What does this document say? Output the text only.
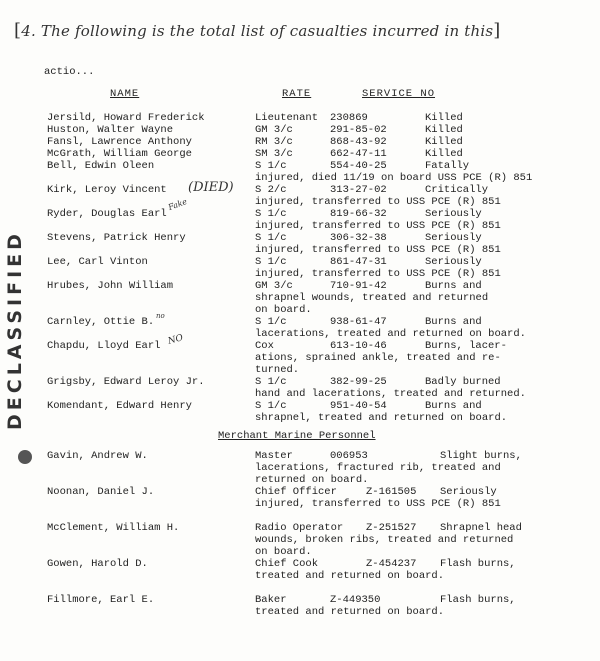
[4. The following is the total list of casualties incurred in this]
actio...
NAME	RATE	SERVICE NO
Jersild, Howard Frederick	Lieutenant 230869	Killed
Huston, Walter Wayne	GM 3/c	291-85-02	Killed
Fansl, Lawrence Anthony	RM 3/c	868-43-92	Killed
McGrath, William George	SM 3/c	662-47-11	Killed
Bell, Edwin Oleen	S 1/c	554-40-25	Fatally
injured, died 11/19 on board USS PCE (R) 851
Kirk, Leroy Vincent	S 2/c	313-27-02	Critically
injured, transferred to USS PCE (R) 851
Ryder, Douglas Earl	S 1/c	819-66-32	Seriously
injured, transferred to USS PCE (R) 851
Stevens, Patrick Henry	S 1/c	306-32-38	Seriously
injured, transferred to USS PCE (R) 851
Lee, Carl Vinton	S 1/c	861-47-31	Seriously
injured, transferred to USS PCE (R) 851
Hrubes, John William	GM 3/c	710-91-42	Burns and
shrapnel wounds, treated and returned
on board.
Carnley, Ottie B.	S 1/c	938-61-47	Burns and
lacerations, treated and returned on board.
Chapdu, Lloyd Earl	Cox	613-10-46	Burns, lacer-
ations, sprained ankle, treated and re-
turned.
Grigsby, Edward Leroy Jr.	S 1/c	382-99-25	Badly burned
hand and lacerations, treated and returned.
Komendant, Edward Henry	S 1/c	951-40-54	Burns and
shrapnel, treated and returned on board.
Merchant Marine Personnel
Gavin, Andrew W.	Master	006953	Slight burns,
lacerations, fractured rib, treated and
returned on board.
Noonan, Daniel J.	Chief Officer	Z-161505 Seriously
injured, transferred to USS PCE (R) 851
McClement, William H.	Radio Operator Z-251527 Shrapnel head
wounds, broken ribs, treated and returned
on board.
Gowen, Harold D.	Chief Cook	Z-454237 Flash burns,
treated and returned on board.
Fillmore, Earl E.	Baker	Z-449350	Flash burns,
treated and returned on board.
(DIED)
Fake
no
NO
DECLASSIFIED
